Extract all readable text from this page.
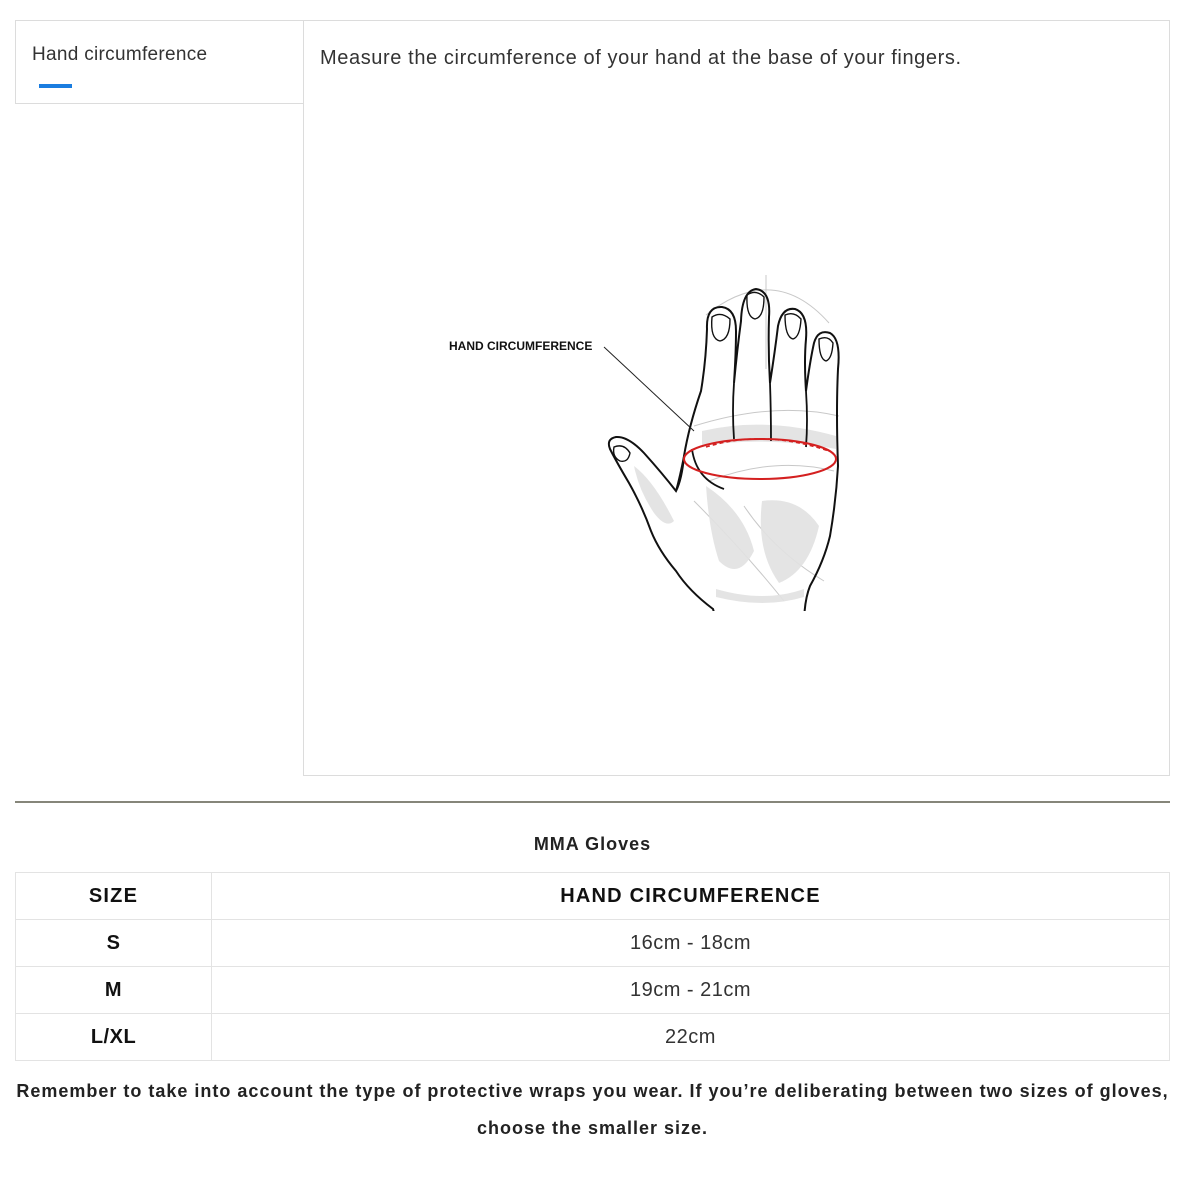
Hand circumference	Measure the circumference of your hand at the base of your fingers.
HAND CIRCUMFERENCE
MMA Gloves
SIZE	HAND CIRCUMFERENCE
S	16cm - 18cm
M	19cm - 21cm
L/XL	22cm
Remember to take into account the type of protective wraps you wear. If you’re deliberating between two sizes of gloves, choose the smaller size.
